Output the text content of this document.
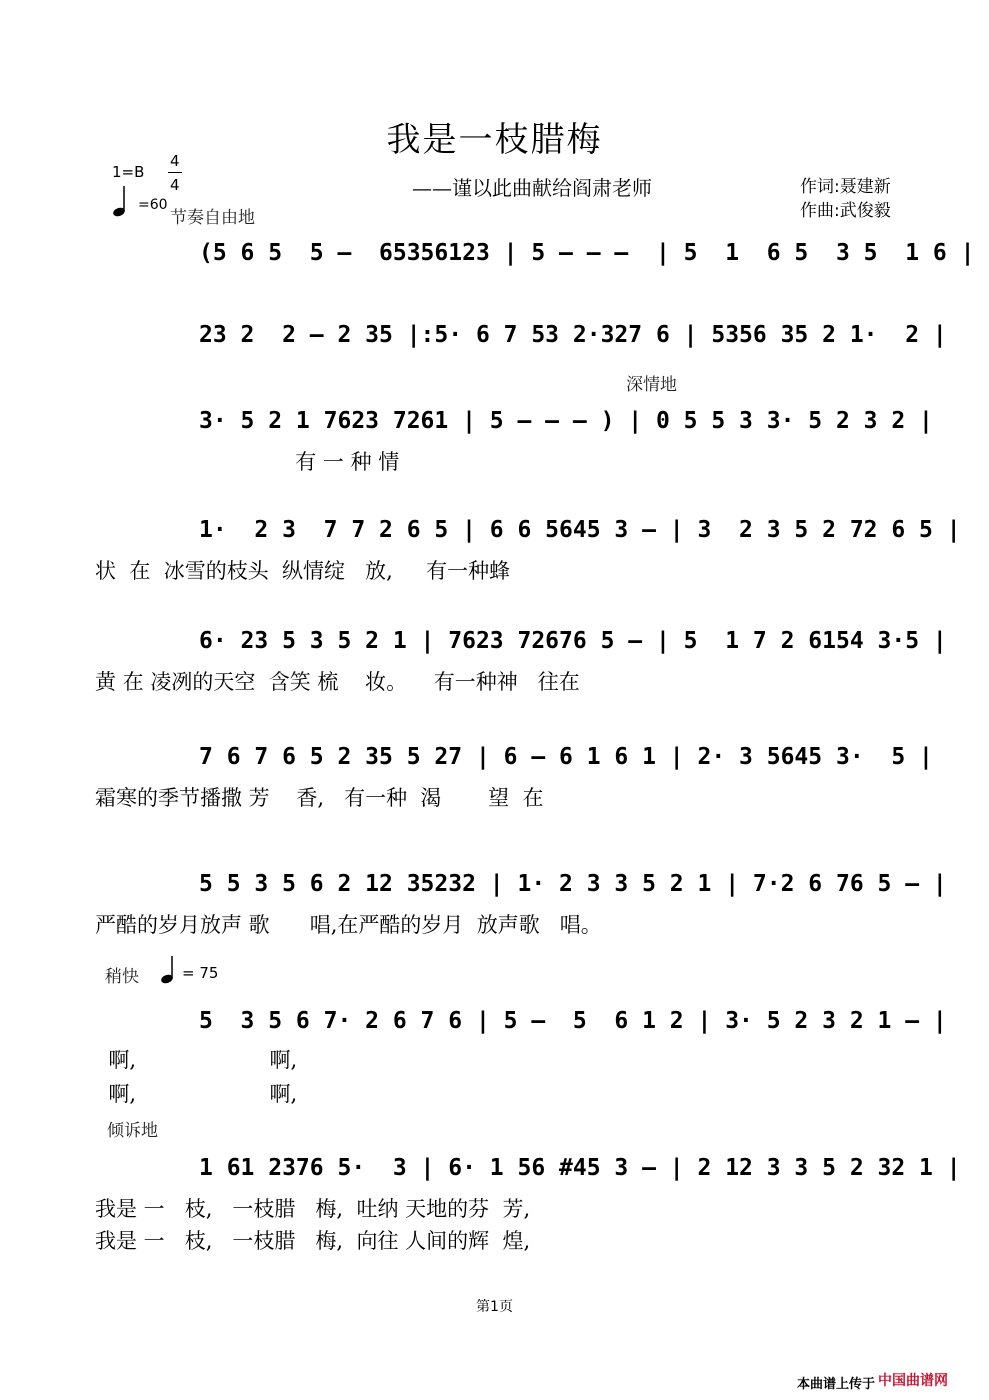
我是一枝腊梅
——谨以此曲献给阎肃老师	作词:聂建新
作曲:武俊毅
1=B
4
4
=60
节奏自由地
深情地
稍快
倾诉地
= 75
(5 6 5  5 –  65356123 | 5 – – –  | 5  1  6 5  3 5  1 6 |
23 2  2 – 2 35 |:5· 6 7 53 2·327 6 | 5356 35 2 1·  2 |
3· 5 2 1 7623 7261 | 5 – – – ) | 0 5 5 3 3· 5 2 3 2 |
有 一 种 情
1·  2 3  7 7 2 6 5 | 6 6 5645 3 – | 3  2 3 5 2 72 6 5 |
状  在  冰雪的枝头  纵情绽   放,     有一种蜂
6· 23 5 3 5 2 1 | 7623 72676 5 – | 5  1 7 2 6154 3·5 |
黄 在 凌冽的天空  含笑 梳    妆。    有一种神   往在
7 6 7 6 5 2 35 5 27 | 6 – 6 1 6 1 | 2· 3 5645 3·  5 |
霜寒的季节播撒 芳    香,   有一种  渴       望  在
5 5 3 5 6 2 12 35232 | 1· 2 3 3 5 2 1 | 7·2 6 76 5 – |
严酷的岁月放声 歌      唱,在严酷的岁月  放声歌   唱。
5  3 5 6 7· 2 6 7 6 | 5 –  5  6 1 2 | 3· 5 2 3 2 1 – |
啊,                    啊,
啊,                    啊,
1 61 2376 5·  3 | 6· 1 56 #45 3 – | 2 12 3 3 5 2 32 1 |
我是 一   枝,   一枝腊   梅,  吐纳 天地的芬  芳,
我是 一   枝,   一枝腊   梅,  向往 人间的辉  煌,
第1页
本曲谱上传于 中国曲谱网
